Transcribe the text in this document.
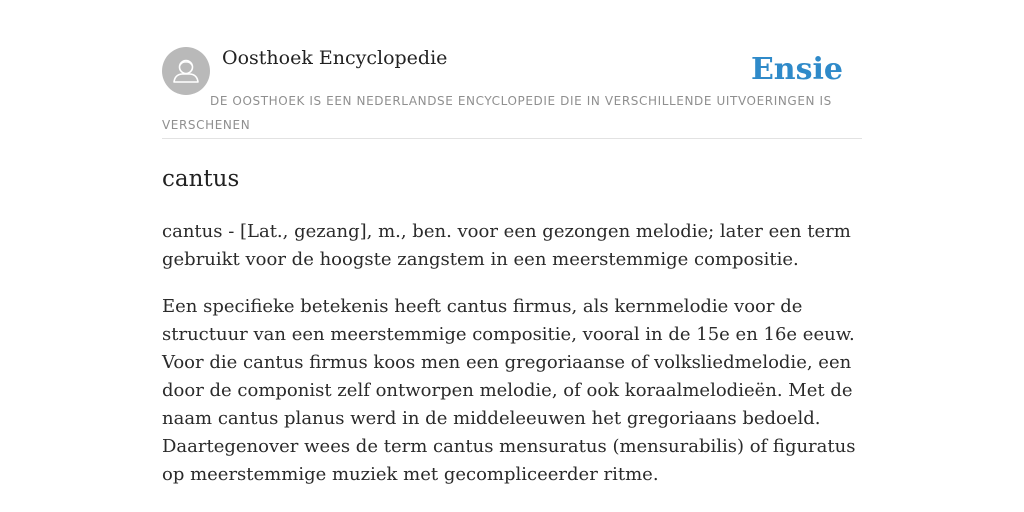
Oosthoek Encyclopedie	Ensie
DE OOSTHOEK IS EEN NEDERLANDSE ENCYCLOPEDIE DIE IN VERSCHILLENDE UITVOERINGEN IS VERSCHENEN
cantus

cantus - [Lat., gezang], m., ben. voor een gezongen melodie; later een term gebruikt voor de hoogste zangstem in een meerstemmige compositie.

Een specifieke betekenis heeft cantus firmus, als kernmelodie voor de structuur van een meerstemmige compositie, vooral in de 15e en 16e eeuw. Voor die cantus firmus koos men een gregoriaanse of volksliedmelodie, een door de componist zelf ontworpen melodie, of ook koraalmelodieën. Met de naam cantus planus werd in de middeleeuwen het gregoriaans bedoeld. Daartegenover wees de term cantus mensuratus (mensurabilis) of figuratus op meerstemmige muziek met gecompliceerder ritme.
